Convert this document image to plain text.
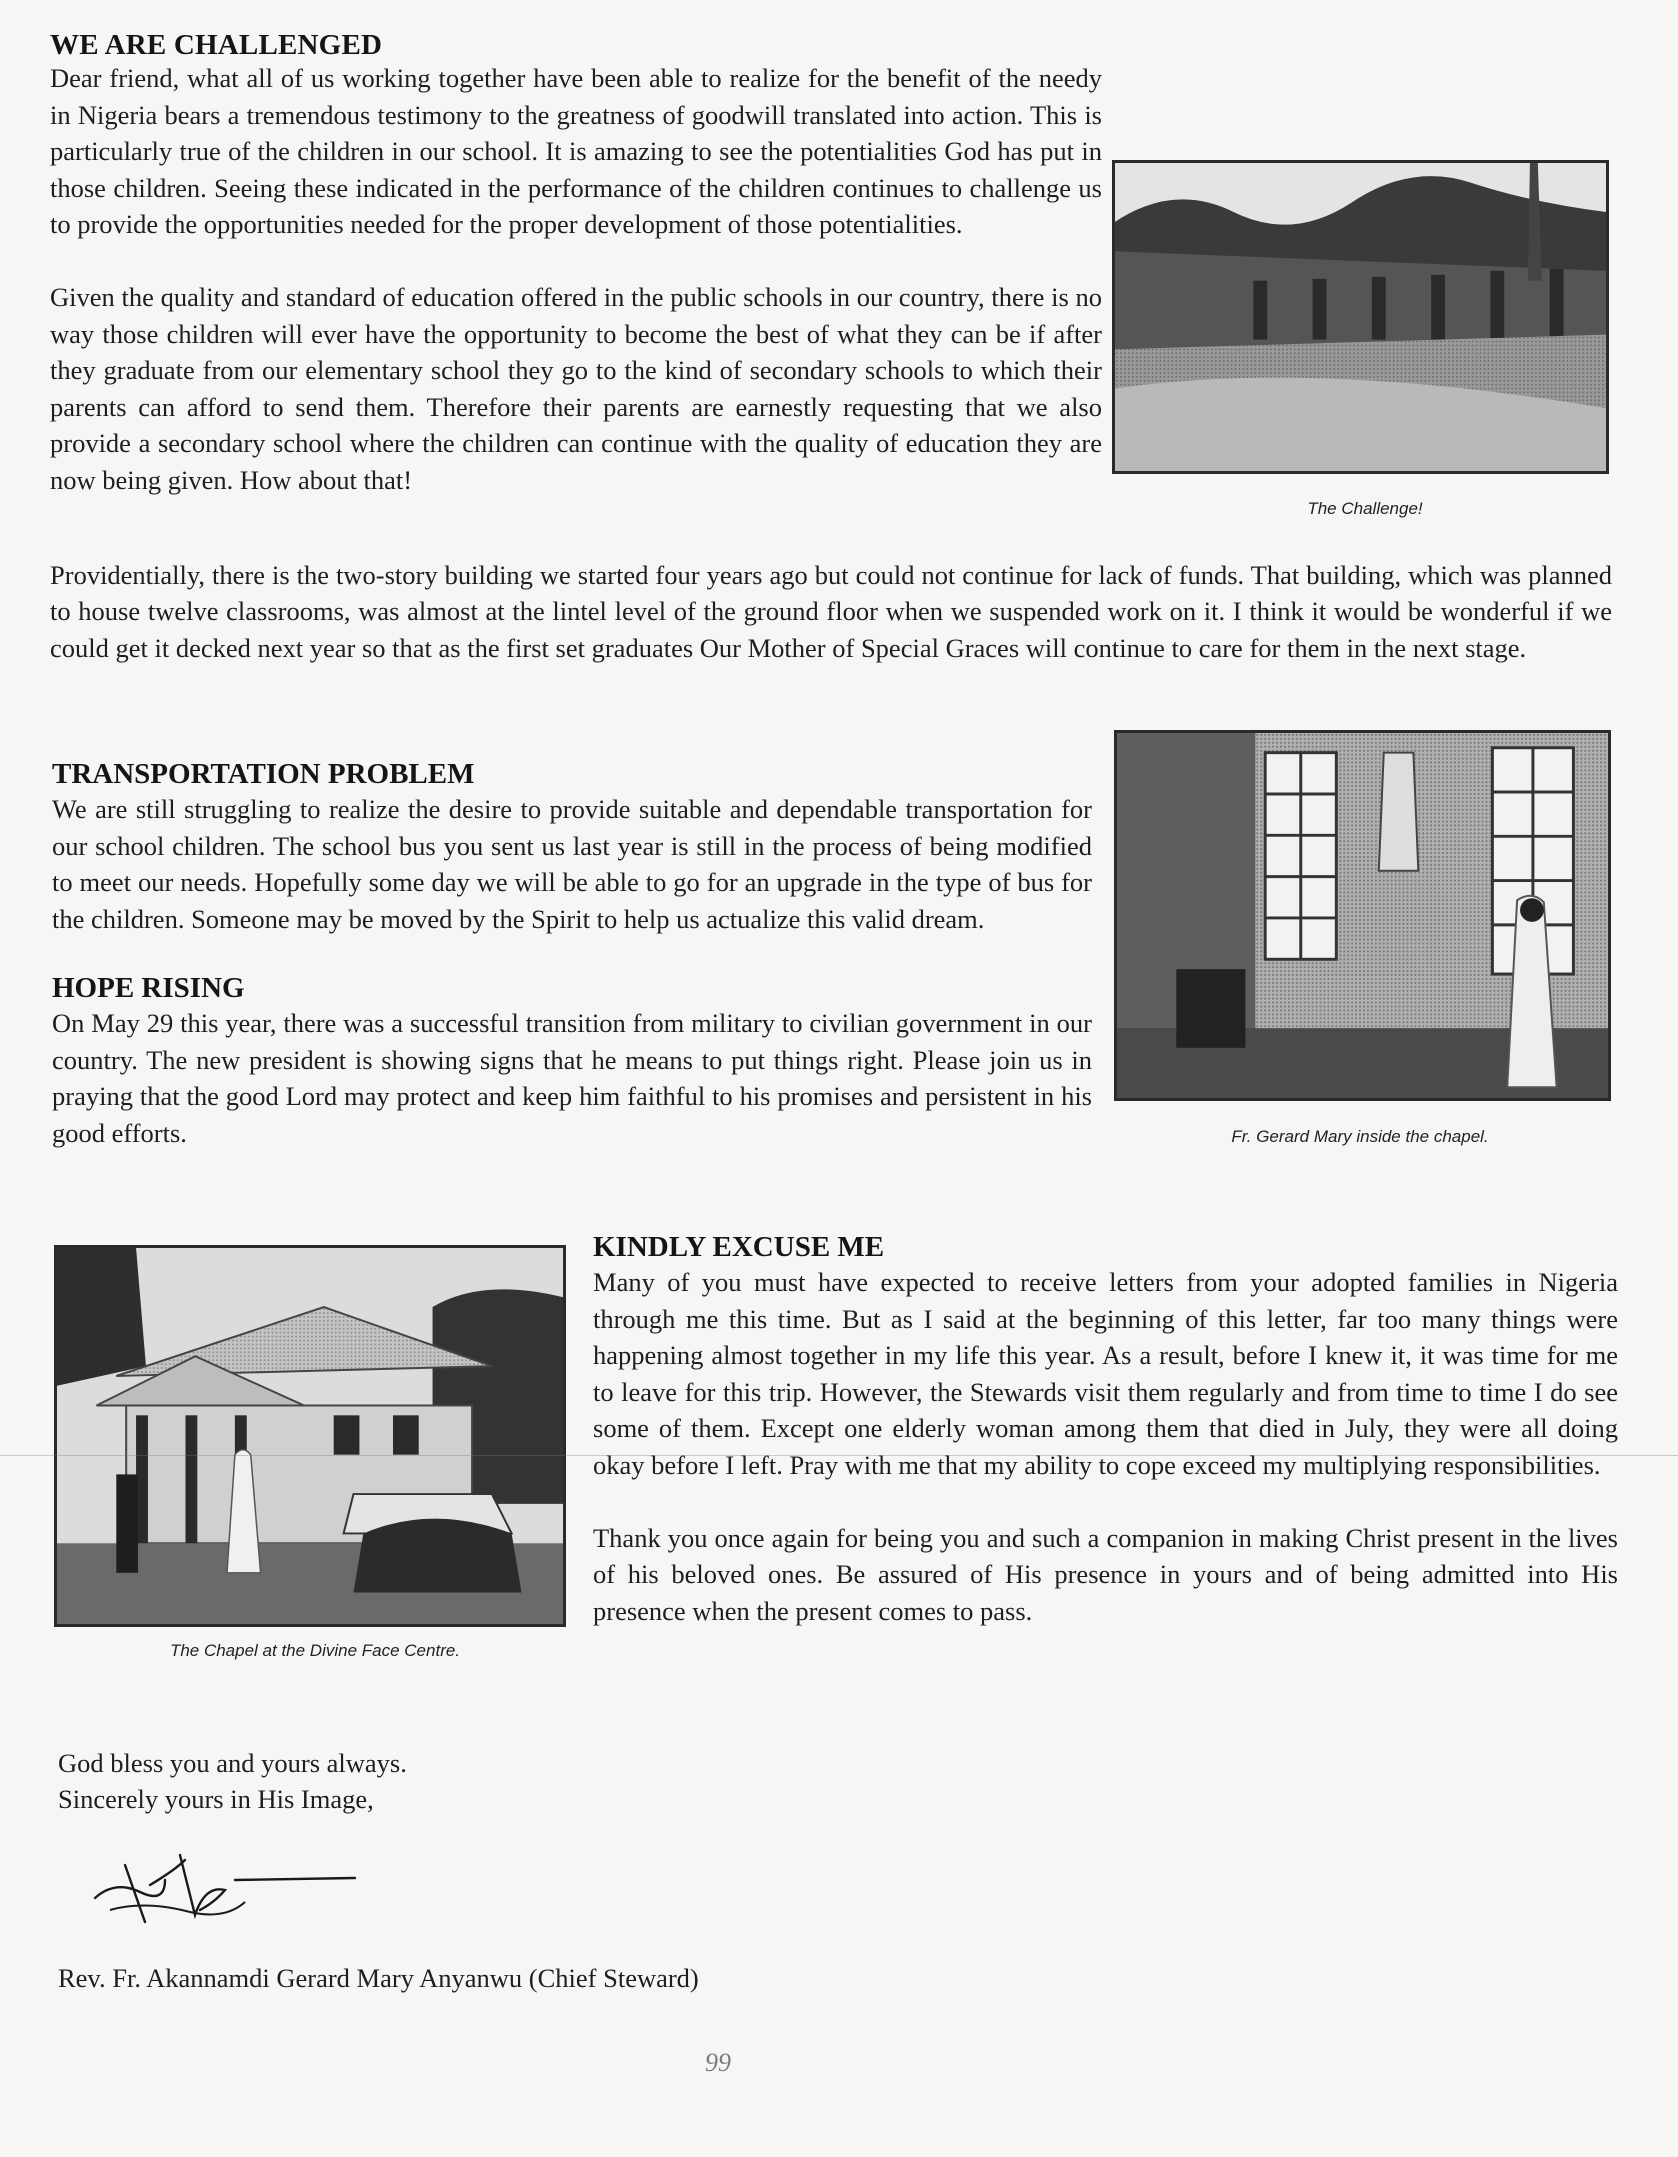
WE ARE CHALLENGED

The Challenge!

Fr. Gerard Mary inside the chapel.

The Chapel at the Divine Face Centre.

God bless you and yours always.

Sincerely yours in His Image,

Rev. Fr. Akannamdi Gerard Mary Anyanwu (Chief Steward)

99

Dear friend, what all of us working together have been able to realize for the benefit of the needy in Nigeria bears a tremendous testimony to the greatness of goodwill translated into action. This is particularly true of the children in our school. It is amazing to see the potentialities God has put in those children. Seeing these indicated in the performance of the children continues to challenge us to provide the opportunities needed for the proper development of those potentialities.

Given the quality and standard of education offered in the public schools in our country, there is no way those children will ever have the opportunity to become the best of what they can be if after they graduate from our elementary school they go to the kind of secondary schools to which their parents can afford to send them. Therefore their parents are earnestly requesting that we also provide a secondary school where the children can continue with the quality of education they are now being given. How about that!

Providentially, there is the two-story building we started four years ago but could not continue for lack of funds. That building, which was planned to house twelve classrooms, was almost at the lintel level of the ground floor when we suspended work on it. I think it would be wonderful if we could get it decked next year so that as the first set graduates Our Mother of Special Graces will continue to care for them in the next stage.

TRANSPORTATION PROBLEM

We are still struggling to realize the desire to provide suitable and dependable transportation for our school children. The school bus you sent us last year is still in the process of being modified to meet our needs. Hopefully some day we will be able to go for an upgrade in the type of bus for the children. Someone may be moved by the Spirit to help us actualize this valid dream.

HOPE RISING

On May 29 this year, there was a successful transition from military to civilian government in our country. The new president is showing signs that he means to put things right. Please join us in praying that the good Lord may protect and keep him faithful to his promises and persistent in his good efforts.

KINDLY EXCUSE ME

Many of you must have expected to receive letters from your adopted families in Nigeria through me this time. But as I said at the beginning of this letter, far too many things were happening almost together in my life this year. As a result, before I knew it, it was time for me to leave for this trip. However, the Stewards visit them regularly and from time to time I do see some of them. Except one elderly woman among them that died in July, they were all doing okay before I left. Pray with me that my ability to cope exceed my multiplying responsibilities.

Thank you once again for being you and such a companion in making Christ present in the lives of his beloved ones. Be assured of His presence in yours and of being admitted into His presence when the present comes to pass.
